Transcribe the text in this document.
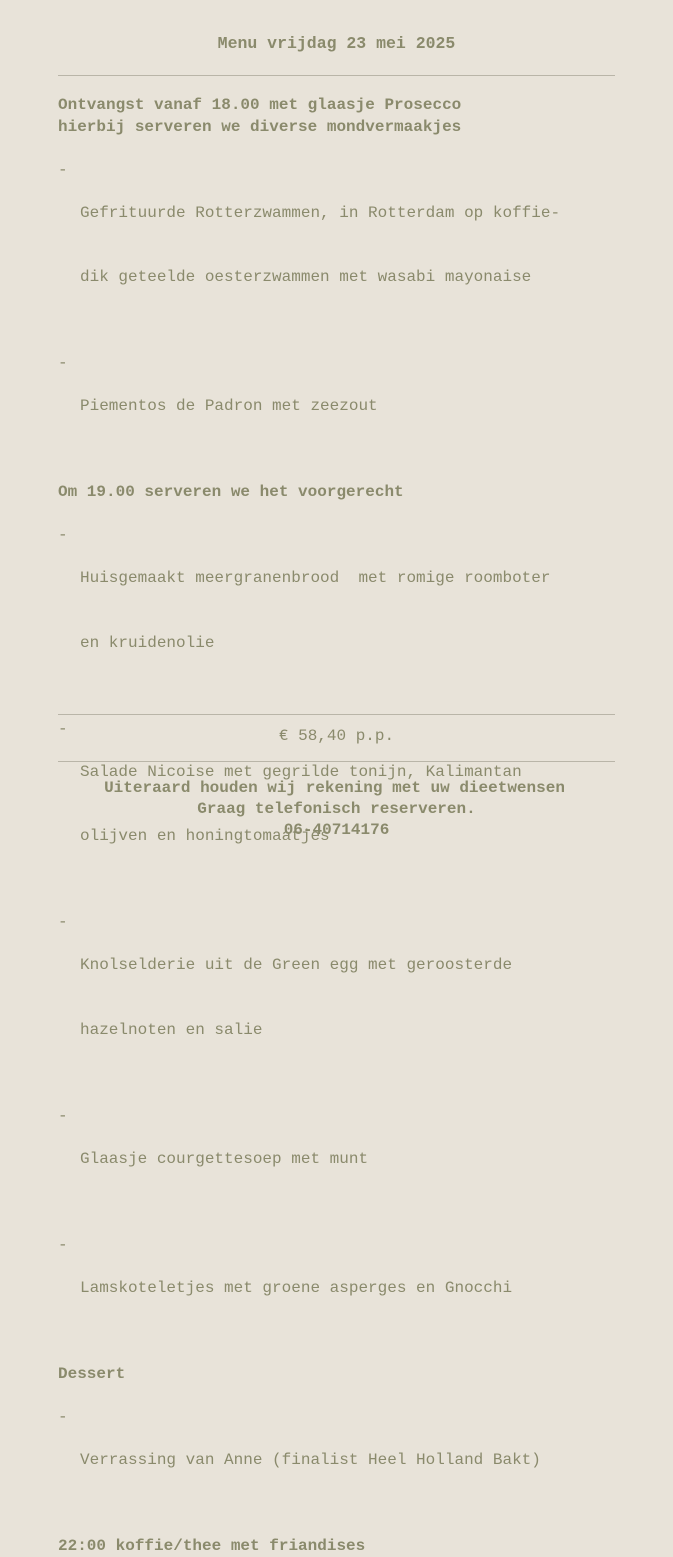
Menu vrijdag 23 mei 2025

Ontvangst vanaf 18.00 met glaasje Prosecco

hierbij serveren we diverse mondvermaakjes

-

Gefrituurde Rotterzwammen, in Rotterdam op koffie-

dik geteelde oesterzwammen met wasabi mayonaise

-

Piementos de Padron met zeezout

Om 19.00 serveren we het voorgerecht

-

Huisgemaakt meergranenbrood  met romige roomboter

en kruidenolie

-

Salade Nicoise met gegrilde tonijn, Kalimantan

olijven en honingtomaatjes

-

Knolselderie uit de Green egg met geroosterde

hazelnoten en salie

-

Glaasje courgettesoep met munt

-

Lamskoteletjes met groene asperges en Gnocchi

Dessert

-

Verrassing van Anne (finalist Heel Holland Bakt)

22:00 koffie/thee met friandises

€ 58,40 p.p.
Uiteraard houden wij rekening met uw dieetwensen
Graag telefonisch reserveren.
06-40714176
